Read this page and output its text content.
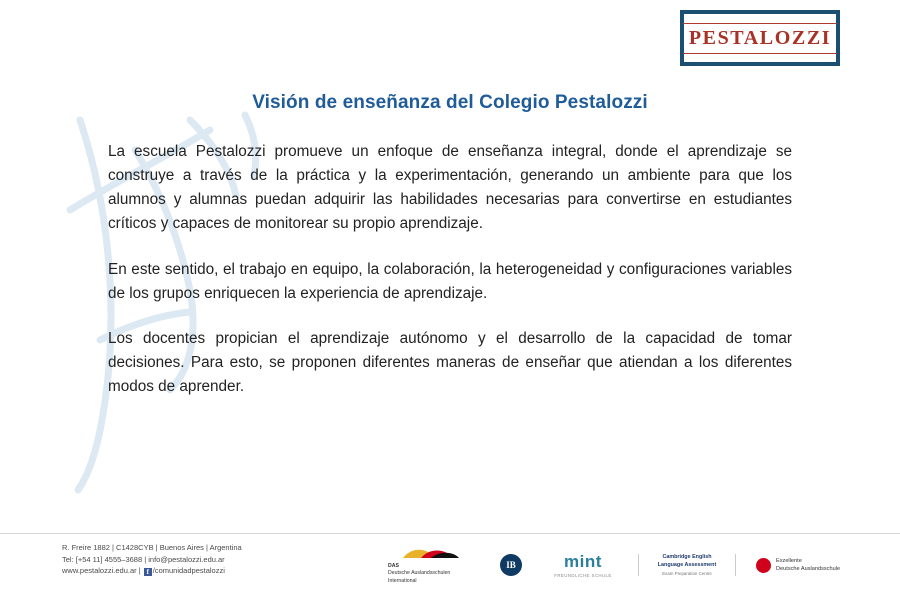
PESTALOZZI
Visión de enseñanza del Colegio Pestalozzi

La escuela Pestalozzi promueve un enfoque de enseñanza integral, donde el aprendizaje se construye a través de la práctica y la experimentación, generando un ambiente para que los alumnos y alumnas puedan adquirir las habilidades necesarias para convertirse en estudiantes críticos y capaces de monitorear su propio aprendizaje.

En este sentido, el trabajo en equipo, la colaboración, la heterogeneidad y configuraciones variables de los grupos enriquecen la experiencia de aprendizaje.

Los docentes propician el aprendizaje autónomo y el desarrollo de la capacidad de tomar decisiones. Para esto, se proponen diferentes maneras de enseñar que atiendan a los diferentes modos de aprender.

R. Freire 1882 | C1428CYB | Buenos Aires | Argentina
Tel: [+54 11] 4555–3688 | info@pestalozzi.edu.ar
www.pestalozzi.edu.ar | f /comunidadpestalozzi	DAS
Deutsche Auslandsschulen
International
IB	mint
FREUNDLICHE SCHULE
Cambridge English
Language Assessment
Exam Preparation Centre
Exzellente
Deutsche Auslandsschule
